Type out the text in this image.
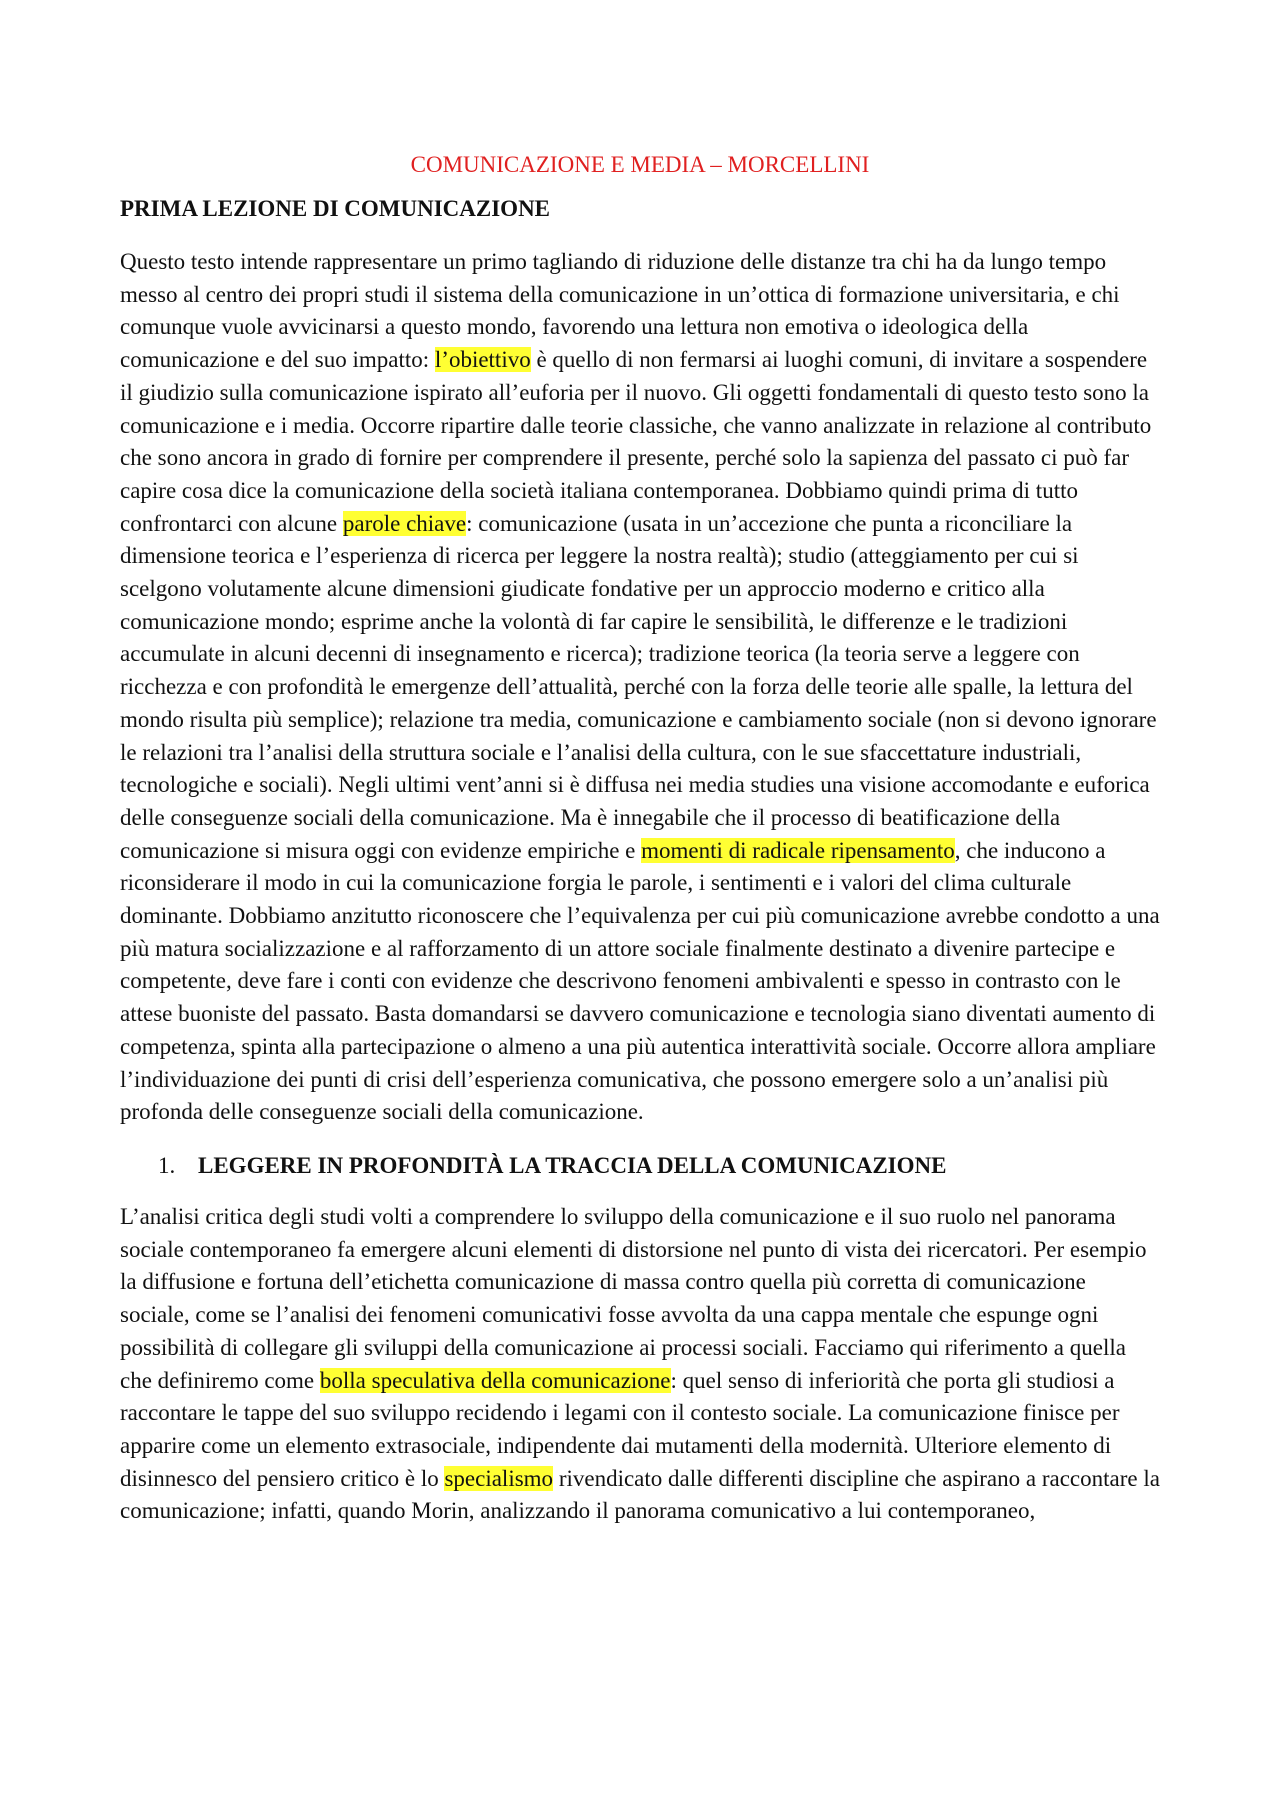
COMUNICAZIONE E MEDIA – MORCELLINI
PRIMA LEZIONE DI COMUNICAZIONE

Questo testo intende rappresentare un primo tagliando di riduzione delle distanze tra chi ha da lungo tempo messo al centro dei propri studi il sistema della comunicazione in un’ottica di formazione universitaria, e chi comunque vuole avvicinarsi a questo mondo, favorendo una lettura non emotiva o ideologica della comunicazione e del suo impatto: l’obiettivo è quello di non fermarsi ai luoghi comuni, di invitare a sospendere il giudizio sulla comunicazione ispirato all’euforia per il nuovo. Gli oggetti fondamentali di questo testo sono la comunicazione e i media. Occorre ripartire dalle teorie classiche, che vanno analizzate in relazione al contributo che sono ancora in grado di fornire per comprendere il presente, perché solo la sapienza del passato ci può far capire cosa dice la comunicazione della società italiana contemporanea. Dobbiamo quindi prima di tutto confrontarci con alcune parole chiave: comunicazione (usata in un’accezione che punta a riconciliare la dimensione teorica e l’esperienza di ricerca per leggere la nostra realtà); studio (atteggiamento per cui si scelgono volutamente alcune dimensioni giudicate fondative per un approccio moderno e critico alla comunicazione mondo; esprime anche la volontà di far capire le sensibilità, le differenze e le tradizioni accumulate in alcuni decenni di insegnamento e ricerca); tradizione teorica (la teoria serve a leggere con ricchezza e con profondità le emergenze dell’attualità, perché con la forza delle teorie alle spalle, la lettura del mondo risulta più semplice); relazione tra media, comunicazione e cambiamento sociale (non si devono ignorare le relazioni tra l’analisi della struttura sociale e l’analisi della cultura, con le sue sfaccettature industriali, tecnologiche e sociali). Negli ultimi vent’anni si è diffusa nei media studies una visione accomodante e euforica delle conseguenze sociali della comunicazione. Ma è innegabile che il processo di beatificazione della comunicazione si misura oggi con evidenze empiriche e momenti di radicale ripensamento, che inducono a riconsiderare il modo in cui la comunicazione forgia le parole, i sentimenti e i valori del clima culturale dominante. Dobbiamo anzitutto riconoscere che l’equivalenza per cui più comunicazione avrebbe condotto a una più matura socializzazione e al rafforzamento di un attore sociale finalmente destinato a divenire partecipe e competente, deve fare i conti con evidenze che descrivono fenomeni ambivalenti e spesso in contrasto con le attese buoniste del passato. Basta domandarsi se davvero comunicazione e tecnologia siano diventati aumento di competenza, spinta alla partecipazione o almeno a una più autentica interattività sociale. Occorre allora ampliare l’individuazione dei punti di crisi dell’esperienza comunicativa, che possono emergere solo a un’analisi più profonda delle conseguenze sociali della comunicazione.

1. LEGGERE IN PROFONDITÀ LA TRACCIA DELLA COMUNICAZIONE

L’analisi critica degli studi volti a comprendere lo sviluppo della comunicazione e il suo ruolo nel panorama sociale contemporaneo fa emergere alcuni elementi di distorsione nel punto di vista dei ricercatori. Per esempio la diffusione e fortuna dell’etichetta comunicazione di massa contro quella più corretta di comunicazione sociale, come se l’analisi dei fenomeni comunicativi fosse avvolta da una cappa mentale che espunge ogni possibilità di collegare gli sviluppi della comunicazione ai processi sociali. Facciamo qui riferimento a quella che definiremo come bolla speculativa della comunicazione: quel senso di inferiorità che porta gli studiosi a raccontare le tappe del suo sviluppo recidendo i legami con il contesto sociale. La comunicazione finisce per apparire come un elemento extrasociale, indipendente dai mutamenti della modernità. Ulteriore elemento di disinnesco del pensiero critico è lo specialismo rivendicato dalle differenti discipline che aspirano a raccontare la comunicazione; infatti, quando Morin, analizzando il panorama comunicativo a lui contemporaneo,
